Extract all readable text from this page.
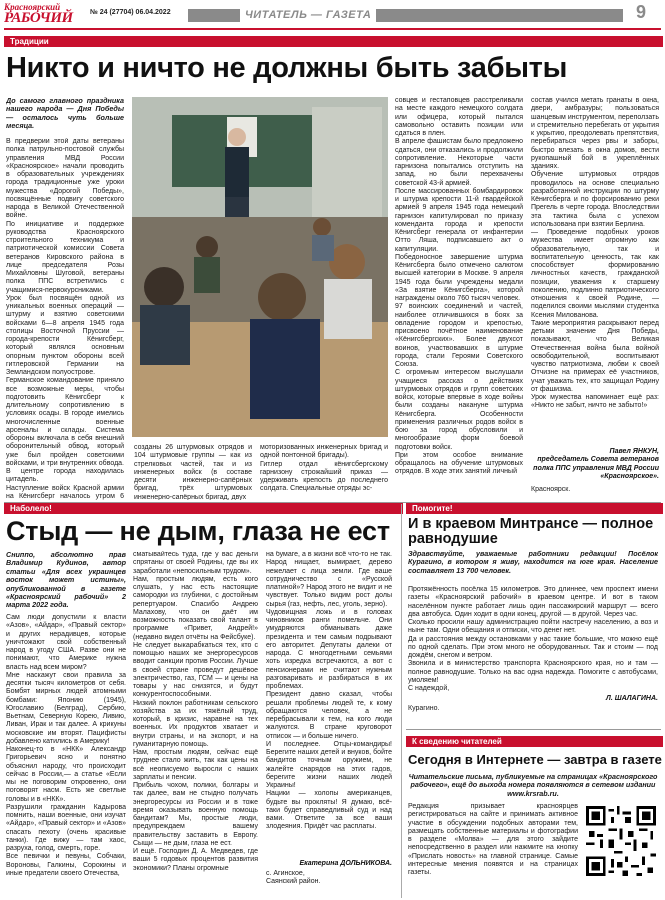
Красноярский
РАБОЧИЙ № 24 (27704) 06.04.2022	ЧИТАТЕЛЬ — ГАЗЕТА	9
Традиции
Никто и ничто не должны быть забыты
До самого главного праздника нашего народа — Дня Победы — осталось чуть больше месяца.
В предверии этой даты ветераны полка патрульно-постовой службы управления МВД России «Красноярское» начали проводить в образовательных учреждениях города традиционные уже уроки мужества «Дорогой Победы», посвящённые подвигу советского народа в Великой Отечественной войне.
По инициативе и поддержке руководства Красноярского строительного техникума и патриотической комиссии Совета ветеранов Кировского района в лице председателя Розы Михайловны Шуговой, ветераны полка ППС встретились с учащимися-первокурсниками.
Урок был посвящён одной из уникальных военных операций — штурму и взятию советскими войсками 6—8 апреля 1945 года столицы Восточной Пруссии — города-крепости Кёнигсберг, который являлся основным опорным пунктом обороны всей гитлеровской Германии на Земландском полуострове.
Германское командование приняло все возможные меры, чтобы подготовить Кёнигсберг к длительному сопротивлению в условиях осады. В городе имелись многочисленные военные арсеналы и склады. Система обороны включала в себя внешний оборонительный обвод, который уже был пройден советскими войсками, и три внутренних обвода. В центре города находилась цитадель.
Наступление войск Красной армии на Кёнигсберг началось утром 6
созданы 26 штурмовых отрядов и 104 штурмовые группы — как из стрелковых частей, так и из инженерных войск (в составе десяти инженерно-сапёрных бригад, трёх штурмовых инженерно-сапёрных бригад, двух
моторизованных инженерных бригад и одной понтонной бригады).
Гитлер отдал кёнигсбергскому гарнизону строжайший приказ — удерживать крепость до последнего солдата. Специальные отряды эс-
совцев и гестаповцев расстреливали на месте каждого немецкого солдата или офицера, который пытался самовольно оставить позиции или сдаться в плен.
В апреле фашистам было предложено сдаться, они отказались и продолжили сопротивление. Некоторые части гарнизона попытались отступить на запад, но были перехвачены советской 43-й армией.
После массированных бомбардировок и штурма крепости 11-й гвардейской армией 9 апреля 1945 года немецкий гарнизон капитулировал по приказу коменданта города и крепости Кёнигсберг генерала от инфантерии Отто Ляша, подписавшего акт о капитуляции.
Победоносное завершение штурма Кёнигсберга было отмечено салютом высшей категории в Москве. 9 апреля 1945 года были учреждены медали «За взятие Кёнигсберга», которой награждены около 760 тысяч человек.
97 воинских соединений и частей, наиболее отличившихся в боях за овладение городом и крепостью, присвоено почётное наименование «Кёнигсбергских». Более двухсот воинов, участвовавших в штурме города, стали Героями Советского Союза.
С огромным интересом выслушали учащиеся рассказ о действиях штурмовых отрядов и групп советских войск, которые впервые в ходе войны были созданы накануне штурма Кёнигсберга. Особенности применения различных родов войск в бою за город обусловили и многообразие форм боевой подготовки войск.
При этом особое внимание обращалось на обучение штурмовых отрядов. В ходе этих занятий личный
состав учился метать гранаты в окна, двери, амбразуры; пользоваться шанцевым инструментом, переползать и стремительно перебегать от укрытия к укрытию, преодолевать препятствия, перебираться через рвы и заборы, быстро влезать в окна домов, вести рукопашный бой в укреплённых зданиях.
Обучение штурмовых отрядов проводилось на основе специально разработанной инструкции по штурму Кёнигсберга и по форсированию реки Прегель в черте города. Впоследствии эта тактика была с успехом использована при взятии Берлина.
— Проведение подобных уроков мужества имеет огромную как образовательную, так и воспитательную ценность, так как способствует формированию личностных качеств, гражданской позиции, уважения к старшему поколению, подлинно патриотического отношения к своей Родине, — поделился своими мыслями студентка Ксения Милованова.
Такие мероприятия раскрывают перед детьми значение Дня Победы, показывают, что Великая Отечественная война была войной освободительной, воспитывают чувство патриотизма, любви к своей Отчизне на примерах её участников, учат уважать тех, кто защищал Родину от фашизма.
Урок мужества напоминает ещё раз: «Никто не забыт, ничто не забыто!»
Павел ЯНКУН,
председатель Совета ветеранов полка ППС управления МВД России «Красноярское».
Красноярск.
Наболело!
Стыд — не дым, глаза не ест
Сниппо, абсолютно прав Владимир Кудинов, автор статьи «Для всех украинцев восток может истины», опубликованной в газете «Красноярский рабочий» 2 марта 2022 года.
Сам люди допустили к власти «Азов», «Айдар», «Правый сектор» и других нерадивцев, которые уничтожают свой собственный народ в угоду США. Разве они не понимают, что Америке нужна власть над всем миром?
Мне наскажут свои правила за десятки тысяч километров от себя. Бомбят мирных людей атомными бомбами: Японию (1945), Югославию (Белград), Сербию, Вьетнам, Северную Корею, Ливию, Ливан, Ирак и так далее. А крикуны московские им вторят. Пацифисты добавлено катились в Америку!
Наконец-то в «НКК» Александр Григорьевич ясно и понятно объяснил народу, что происходит сейчас в России,— а статье «Если мы не поговорим откровенно, они поговорят насм. Есть же светлые головы и в «НКК».
Разрушили гражданин Кадырова помнить, наши военные, они изучат «Айдар», «Правый сектор» и «Азов» спасать пехоту (очень красивые танки). Где вижу — там хаос, разруха, голод, смерть, горе.
Все певички и певуны, Собчаки, Вороновы, Галкины, Сорокины и иные предатели своего Отечества,
сматывайтесь туда, где у вас деньги спрятаны от своей Родины, где вы их заработали «непосильным трудом».
Нам, простым людям, есть кого слушать, у нас есть настоящие самородки из глубинки, с достойным репертуаром. Спасибо Андрею Малахову, что он даёт им возможность показать свой талант в программе «Привет, Андрей!» (недавно видел отчёты на Фейсбуке).
Не следует выкарабкаться тех, кто с помощью наших же энергоресурсов вводит санкции против России. Лучше в своей стране проведут дешёвое электричество, газ, ГСМ — и цены на товары у нас снизятся, и будут конкурентоспособными.
Низкий поклон работникам сельского хозяйства за их тяжёлый труд, который, в кризис, наравне на тех военных. Их продуктов хватает и внутри страны, и на экспорт, и на гуманитарную помощь.
Нам, простым людям, сейчас ещё труднее стало жить, так как цены на всё неописуемо выросли с наших зарплаты и пенсии.
Прибыль чохом, полики, болгары и так далее, вам не стыдно получать энергоресурсы из России и в тоже время оказывать военную помощь бандитам? Мы, простые люди, предупреждаем вашему правительству заставить в Европу. Сыщи — не дым, глаза не ест.
И ещё. Господин Д. А. Медведев, где ваши 5 годовых процентов развития экономики? Планы огромные
на бумаге, а в жизни всё что-то не так. Народ нищает, вымирает, дерево нежелает с лица земли. Где ваше сотрудничество с «Русской платиной»? Народ этого не видит и не чувствует. Только видим рост долы сырья (газ, нефть, лес, уголь, зерно).
Чудовищная ложь и в головах чиновников ранги помельче. Они умудряются обманывать даже президента и тем самым подрывают его авторитет. Депутаты далеки от народа. С многодетными семьями хоть изредка встречаются, а вот с пенсионерами не считают нужным разговаривать и разбираться в их проблемах.
Президент давно сказал, чтобы решали проблемы людей те, к кому обращаются человек, а не перебрасывали к тем, на кого люди жалуются. В стране круговорот отписок — и больше ничего.
И последнее. Отцы-командиры! Берегите наших детей и внуков, бойте бандитов точным оружием, не жалейте снарядов на этих гадов, берегите жизни наших людей Украины!
Нацики — холопы американцев, будьте вы прокляты! Я думаю, всё-таки будет справедливый суд и над вами. Ответите за все ваши злодеяния. Придёт час расплаты.
Екатерина ДОЛЬНИКОВА.
с. Агинское,
Саянский район.
Помогите!
И в краевом Минтрансе — полное равнодушие
Здравствуйте, уважаемые работники редакции! Посёлок Курагино, в котором я живу, находится на юге края. Население составляет 13 700 человек.
Протяжённость посёлка 15 километров. Это длиннее, чем проспект имени газеты «Красноярский рабочий» в краевом центре. И вот в таком населённом пункте работает лишь один пассажирский маршрут — всего два автобуса. Один ходит в одни конец, другой — в другой. Через час.
Сколько просили нашу администрацию пойти настречу населению, а воз и ныне там. Одни обещания и отписки, что денег нет.
Да и расстояния между остановками у нас такие большие, что можно ещё по одной сделать. При этом много не оборудованных. Так и стоим — под дождём, снегом и ветром.
Звонила и в министерство транспорта Красноярского края, но и там — полное равнодушие. Только на вас одна надежда. Помогите с автобусами, умоляем!
С надеждой,
Л. ШАЛАГИНА.
Курагино.
К сведению читателей
Сегодня в Интернете — завтра в газете
Читательские письма, публикуемые на страницах «Красноярского рабочего», ещё до выхода номера появляются в сетевом издании www.krsrab.ru.
Редакция призывает красноярцев регистрироваться на сайте и принимать активное участие в обсуждении подобных авторами тем, размещать собственные материалы и фотографии в разделе «Молва» — для этого зайдите непосредственно в раздел или нажмите на кнопку «Прислать новость» на главной странице. Самые интересные мнения появятся и на страницах газеты.
